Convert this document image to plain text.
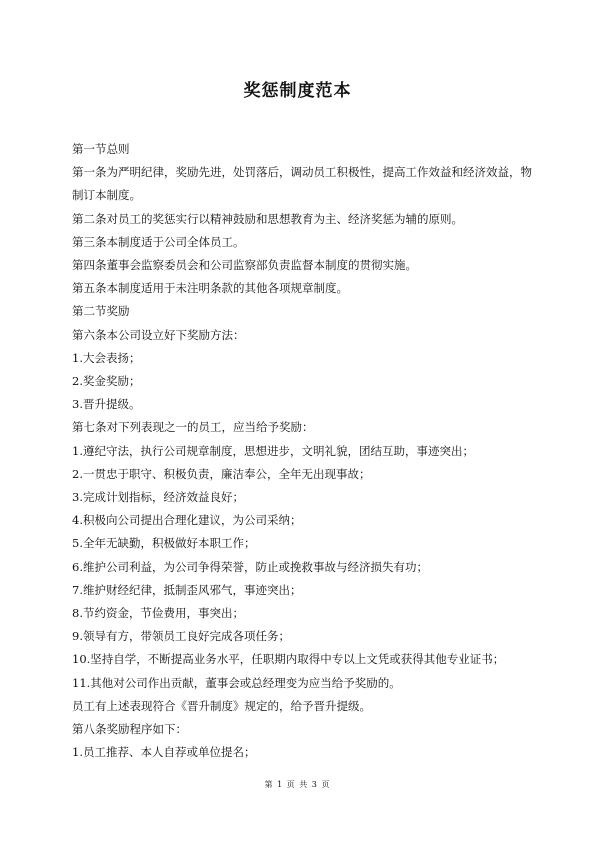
奖惩制度范本

第一节总则

第一条为严明纪律，奖励先进，处罚落后，调动员工积极性，提高工作效益和经济效益，物制订本制度。

第二条对员工的奖惩实行以精神鼓励和思想教育为主、经济奖惩为辅的原则。

第三条本制度适于公司全体员工。

第四条董事会监察委员会和公司监察部负责监督本制度的贯彻实施。

第五条本制度适用于未注明条款的其他各项规章制度。

第二节奖励

第六条本公司设立好下奖励方法：

1.大会表扬；

2.奖金奖励；

3.晋升提级。

第七条对下列表现之一的员工，应当给予奖励：

1.遵纪守法，执行公司规章制度，思想进步，文明礼貌，团结互助，事迹突出；

2.一贯忠于职守、积极负责，廉洁奉公，全年无出现事故；

3.完成计划指标，经济效益良好；

4.积极向公司提出合理化建议，为公司采纳；

5.全年无缺勤，积极做好本职工作；

6.维护公司利益，为公司争得荣誉，防止或挽救事故与经济损失有功；

7.维护财经纪律，抵制歪风邪气，事迹突出；

8.节约资金，节俭费用，事突出；

9.领导有方，带领员工良好完成各项任务；

10.坚持自学，不断提高业务水平，任职期内取得中专以上文凭或获得其他专业证书；

11.其他对公司作出贡献，董事会或总经理变为应当给予奖励的。

员工有上述表现符合《晋升制度》规定的，给予晋升提级。

第八条奖励程序如下：

1.员工推荐、本人自荐或单位提名；

第 1 页 共 3 页
